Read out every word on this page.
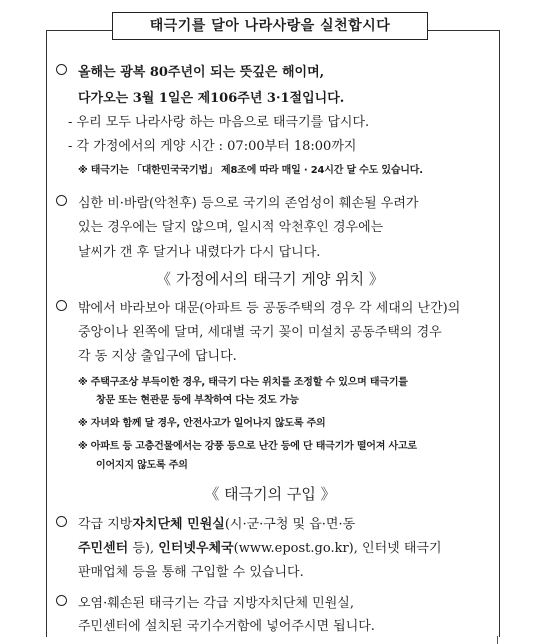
태극기를 달아 나라사랑을 실천합시다
올해는 광복 80주년이 되는 뜻깊은 해이며,
다가오는 3월 1일은 제106주년 3·1절입니다.
- 우리 모두 나라사랑 하는 마음으로 태극기를 답시다.
- 각 가정에서의 게양 시간 : 07:00부터 18:00까지
※ 태극기는 「대한민국국기법」 제8조에 따라 매일 · 24시간 달 수도 있습니다.
심한 비·바람(악천후) 등으로 국기의 존엄성이 훼손될 우려가
있는 경우에는 달지 않으며, 일시적 악천후인 경우에는
날씨가 갠 후 달거나 내렸다가 다시 답니다.
《 가정에서의 태극기 게양 위치 》
밖에서 바라보아 대문(아파트 등 공동주택의 경우 각 세대의 난간)의
중앙이나 왼쪽에 달며, 세대별 국기 꽂이 미설치 공동주택의 경우
각 동 지상 출입구에 답니다.
※ 주택구조상 부득이한 경우, 태극기 다는 위치를 조정할 수 있으며 태극기를
창문 또는 현관문 등에 부착하여 다는 것도 가능
※ 자녀와 함께 달 경우, 안전사고가 일어나지 않도록 주의
※ 아파트 등 고층건물에서는 강풍 등으로 난간 등에 단 태극기가 떨어져 사고로
이어지지 않도록 주의
《 태극기의 구입 》
각급 지방자치단체 민원실(시·군·구청 및 읍·면·동
주민센터 등), 인터넷우체국(www.epost.go.kr), 인터넷 태극기
판매업체 등을 통해 구입할 수 있습니다.
오염·훼손된 태극기는 각급 지방자치단체 민원실,
주민센터에 설치된 국기수거함에 넣어주시면 됩니다.
